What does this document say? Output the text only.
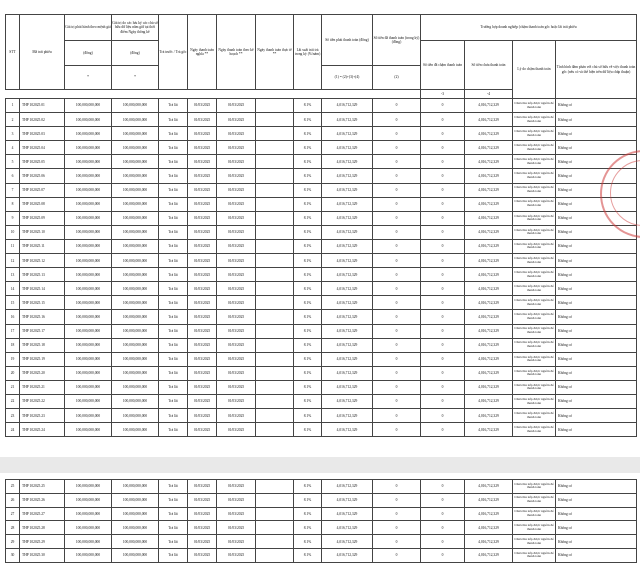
STT	Mã trái phiếu	Giá trị phát hành theo mệnh giá	Giá trị do các lưu ký các chủ sở hữu dữ liệu nắm giữ tại thời điểm Ngày thống kê	Trả trước / Trả gốc	Ngày thanh toán nghĩa **	Ngày thanh toán theo kế hoạch **	Ngày thanh toán thực tế **	Lãi suất trái trả trong kỳ (%/năm)	Số tiền phải thanh toán (đồng)	Số tiền đã thanh toán (trong kỳ) (đồng)	Trường hợp doanh nghiệp (chậm thanh toán gốc hoặc lãi trái phiếu			
		(đồng)	(đồng)								Số tiền đã chậm thanh toán	Số tiền chưa thanh toán	Lý do chậm thanh toán	Tình hình đàm phán với chủ sở hữu về việc thanh toán gốc (nếu có và thể hiện trên dữ liệu chấp thuận)
		*	*						(1) = (2)+(3)+(4)	(2)				
											-3	-4		
1	THP 102025.01	100,000,000,000	100,000,000,000	Trả lãi	01/03/2025	01/03/2025		8.1%	4,016,712,329	0	0	4,016,712,329	Chưa thu xếp được nguồn để thanh toán	Không có
2	THP 102025.02	100,000,000,000	100,000,000,000	Trả lãi	01/03/2025	01/03/2025		8.1%	4,016,712,329	0	0	4,016,712,329	Chưa thu xếp được nguồn để thanh toán	Không có
3	THP 102025.03	100,000,000,000	100,000,000,000	Trả lãi	01/03/2025	01/03/2025		8.1%	4,016,712,329	0	0	4,016,712,329	Chưa thu xếp được nguồn để thanh toán	Không có
4	THP 102025.04	100,000,000,000	100,000,000,000	Trả lãi	01/03/2025	01/03/2025		8.1%	4,016,712,329	0	0	4,016,712,329	Chưa thu xếp được nguồn để thanh toán	Không có
5	THP 102025.05	100,000,000,000	100,000,000,000	Trả lãi	01/03/2025	01/03/2025		8.1%	4,016,712,329	0	0	4,016,712,329	Chưa thu xếp được nguồn để thanh toán	Không có
6	THP 102025.06	100,000,000,000	100,000,000,000	Trả lãi	01/03/2025	01/03/2025		8.1%	4,016,712,329	0	0	4,016,712,329	Chưa thu xếp được nguồn để thanh toán	Không có
7	THP 102025.07	100,000,000,000	100,000,000,000	Trả lãi	01/03/2025	01/03/2025		8.1%	4,016,712,329	0	0	4,016,712,329	Chưa thu xếp được nguồn để thanh toán	Không có
8	THP 102025.08	100,000,000,000	100,000,000,000	Trả lãi	01/03/2025	01/03/2025		8.1%	4,016,712,329	0	0	4,016,712,329	Chưa thu xếp được nguồn để thanh toán	Không có
9	THP 102025.09	100,000,000,000	100,000,000,000	Trả lãi	01/03/2025	01/03/2025		8.1%	4,016,712,329	0	0	4,016,712,329	Chưa thu xếp được nguồn để thanh toán	Không có
10	THP 102025.10	100,000,000,000	100,000,000,000	Trả lãi	01/03/2025	01/03/2025		8.1%	4,016,712,329	0	0	4,016,712,329	Chưa thu xếp được nguồn để thanh toán	Không có
11	THP 102025.11	100,000,000,000	100,000,000,000	Trả lãi	01/03/2025	01/03/2025		8.1%	4,016,712,329	0	0	4,016,712,329	Chưa thu xếp được nguồn để thanh toán	Không có
12	THP 102025.12	100,000,000,000	100,000,000,000	Trả lãi	01/03/2025	01/03/2025		8.1%	4,016,712,329	0	0	4,016,712,329	Chưa thu xếp được nguồn để thanh toán	Không có
13	THP 102025.13	100,000,000,000	100,000,000,000	Trả lãi	01/03/2025	01/03/2025		8.1%	4,016,712,329	0	0	4,016,712,329	Chưa thu xếp được nguồn để thanh toán	Không có
14	THP 102025.14	100,000,000,000	100,000,000,000	Trả lãi	01/03/2025	01/03/2025		8.1%	4,016,712,329	0	0	4,016,712,329	Chưa thu xếp được nguồn để thanh toán	Không có
15	THP 102025.15	100,000,000,000	100,000,000,000	Trả lãi	01/03/2025	01/03/2025		8.1%	4,016,712,329	0	0	4,016,712,329	Chưa thu xếp được nguồn để thanh toán	Không có
16	THP 102025.16	100,000,000,000	100,000,000,000	Trả lãi	01/03/2025	01/03/2025		8.1%	4,016,712,329	0	0	4,016,712,329	Chưa thu xếp được nguồn để thanh toán	Không có
17	THP 102025.17	100,000,000,000	100,000,000,000	Trả lãi	01/03/2025	01/03/2025		8.1%	4,016,712,329	0	0	4,016,712,329	Chưa thu xếp được nguồn để thanh toán	Không có
18	THP 102025.18	100,000,000,000	100,000,000,000	Trả lãi	01/03/2025	01/03/2025		8.1%	4,016,712,329	0	0	4,016,712,329	Chưa thu xếp được nguồn để thanh toán	Không có
19	THP 102025.19	100,000,000,000	100,000,000,000	Trả lãi	01/03/2025	01/03/2025		8.1%	4,016,712,329	0	0	4,016,712,329	Chưa thu xếp được nguồn để thanh toán	Không có
20	THP 102025.20	100,000,000,000	100,000,000,000	Trả lãi	01/03/2025	01/03/2025		8.1%	4,016,712,329	0	0	4,016,712,329	Chưa thu xếp được nguồn để thanh toán	Không có
21	THP 102025.21	100,000,000,000	100,000,000,000	Trả lãi	01/03/2025	01/03/2025		8.1%	4,016,712,329	0	0	4,016,712,329	Chưa thu xếp được nguồn để thanh toán	Không có
22	THP 102025.22	100,000,000,000	100,000,000,000	Trả lãi	01/03/2025	01/03/2025		8.1%	4,016,712,329	0	0	4,016,712,329	Chưa thu xếp được nguồn để thanh toán	Không có
23	THP 102025.23	100,000,000,000	100,000,000,000	Trả lãi	01/03/2025	01/03/2025		8.1%	4,016,712,329	0	0	4,016,712,329	Chưa thu xếp được nguồn để thanh toán	Không có
24	THP 102025.24	100,000,000,000	100,000,000,000	Trả lãi	01/03/2025	01/03/2025		8.1%	4,016,712,329	0	0	4,016,712,329	Chưa thu xếp được nguồn để thanh toán	Không có
25	THP 102025.25	100,000,000,000	100,000,000,000	Trả lãi	01/03/2025	01/03/2025		8.1%	4,016,712,329	0	0	4,016,712,329	Chưa thu xếp được nguồn để thanh toán	Không có
26	THP 102025.26	100,000,000,000	100,000,000,000	Trả lãi	01/03/2025	01/03/2025		8.1%	4,016,712,329	0	0	4,016,712,329	Chưa thu xếp được nguồn để thanh toán	Không có
27	THP 102025.27	100,000,000,000	100,000,000,000	Trả lãi	01/03/2025	01/03/2025		8.1%	4,016,712,329	0	0	4,016,712,329	Chưa thu xếp được nguồn để thanh toán	Không có
28	THP 102025.28	100,000,000,000	100,000,000,000	Trả lãi	01/03/2025	01/03/2025		8.1%	4,016,712,329	0	0	4,016,712,329	Chưa thu xếp được nguồn để thanh toán	Không có
29	THP 102025.29	100,000,000,000	100,000,000,000	Trả lãi	01/03/2025	01/03/2025		8.1%	4,016,712,329	0	0	4,016,712,329	Chưa thu xếp được nguồn để thanh toán	Không có
30	THP 102025.30	100,000,000,000	100,000,000,000	Trả lãi	01/03/2025	01/03/2025		8.1%	4,016,712,329	0	0	4,016,712,329	Chưa thu xếp được nguồn để thanh toán	Không có
